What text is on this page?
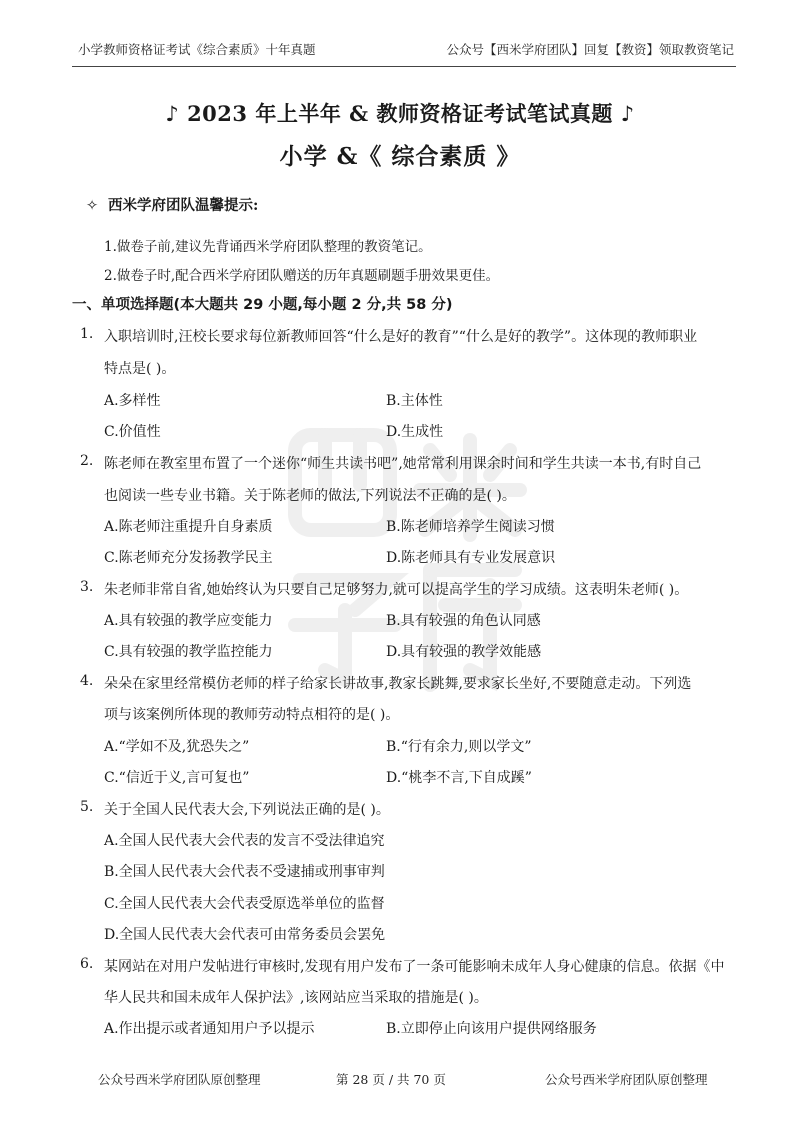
小学教师资格证考试《综合素质》十年真题	公众号【西米学府团队】回复【教资】领取教资笔记
♪ 2023 年上半年 & 教师资格证考试笔试真题 ♪
小学 &《 综合素质 》
✧ 西米学府团队温馨提示:
1.做卷子前,建议先背诵西米学府团队整理的教资笔记。
2.做卷子时,配合西米学府团队赠送的历年真题刷题手册效果更佳。
一、单项选择题(本大题共 29 小题,每小题 2 分,共 58 分)
1. 入职培训时,汪校长要求每位新教师回答“什么是好的教育”“什么是好的教学”。这体现的教师职业
特点是( )。
A.多样性	B.主体性
C.价值性	D.生成性
2. 陈老师在教室里布置了一个迷你“师生共读书吧”,她常常利用课余时间和学生共读一本书,有时自己
也阅读一些专业书籍。关于陈老师的做法,下列说法不正确的是( )。
A.陈老师注重提升自身素质	B.陈老师培养学生阅读习惯
C.陈老师充分发扬教学民主	D.陈老师具有专业发展意识
3. 朱老师非常自省,她始终认为只要自己足够努力,就可以提高学生的学习成绩。这表明朱老师( )。
A.具有较强的教学应变能力	B.具有较强的角色认同感
C.具有较强的教学监控能力	D.具有较强的教学效能感
4. 朵朵在家里经常模仿老师的样子给家长讲故事,教家长跳舞,要求家长坐好,不要随意走动。下列选
项与该案例所体现的教师劳动特点相符的是( )。
A.“学如不及,犹恐失之”	B.“行有余力,则以学文”
C.“信近于义,言可复也”	D.“桃李不言,下自成蹊”
5. 关于全国人民代表大会,下列说法正确的是( )。
A.全国人民代表大会代表的发言不受法律追究
B.全国人民代表大会代表不受逮捕或刑事审判
C.全国人民代表大会代表受原选举单位的监督
D.全国人民代表大会代表可由常务委员会罢免
6. 某网站在对用户发帖进行审核时,发现有用户发布了一条可能影响未成年人身心健康的信息。依据《中
华人民共和国未成年人保护法》,该网站应当采取的措施是( )。
A.作出提示或者通知用户予以提示	B.立即停止向该用户提供网络服务
公众号西米学府团队原创整理	第 28 页 / 共 70 页	公众号西米学府团队原创整理
